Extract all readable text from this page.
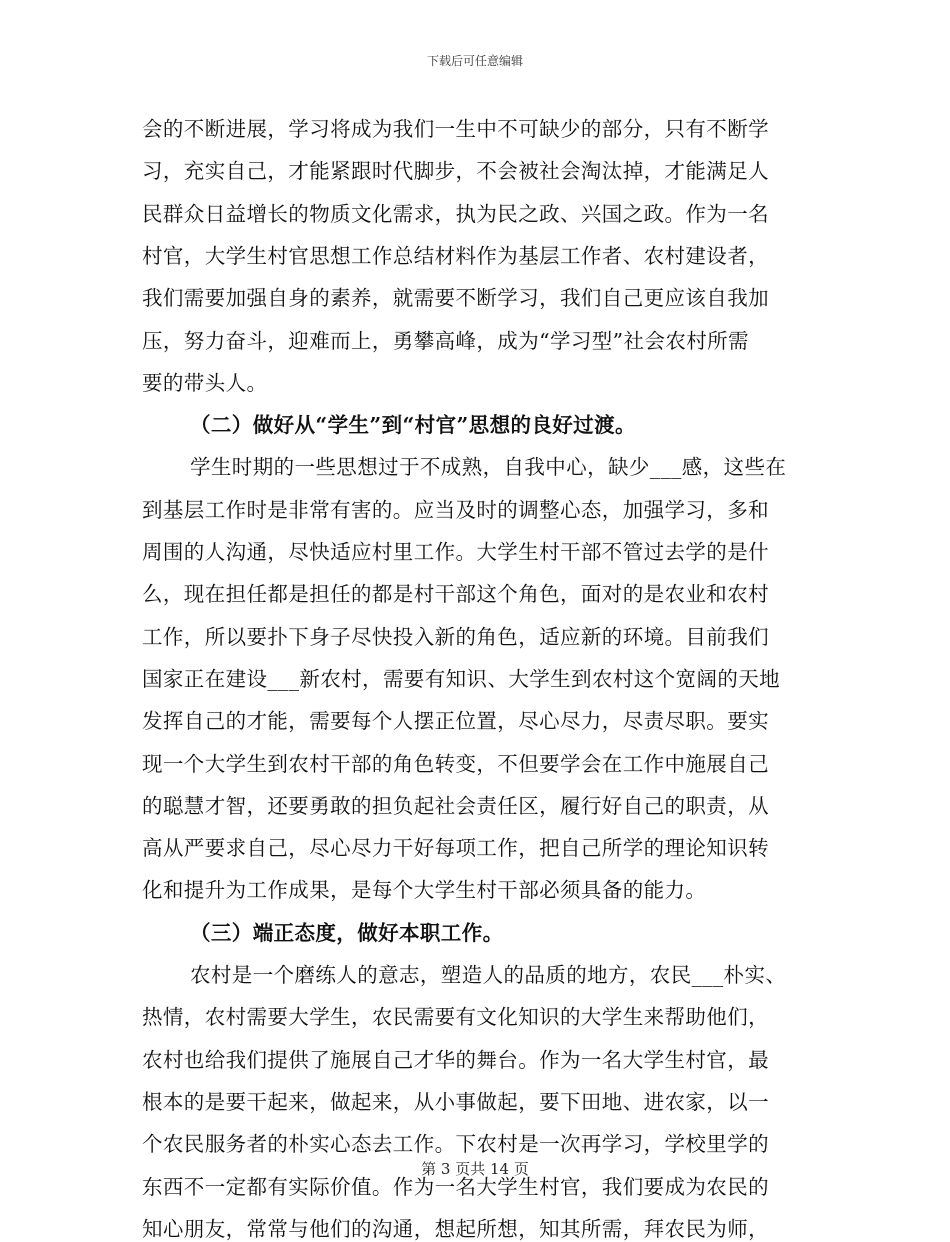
下载后可任意编辑
会的不断进展，学习将成为我们一生中不可缺少的部分，只有不断学
习，充实自己，才能紧跟时代脚步，不会被社会淘汰掉，才能满足人
民群众日益增长的物质文化需求，执为民之政、兴国之政。作为一名
村官，大学生村官思想工作总结材料作为基层工作者、农村建设者，
我们需要加强自身的素养，就需要不断学习，我们自己更应该自我加
压，努力奋斗，迎难而上，勇攀高峰，成为“学习型”社会农村所需
要的带头人。
（二）做好从“学生”到“村官”思想的良好过渡。
学生时期的一些思想过于不成熟，自我中心，缺少___感，这些在
到基层工作时是非常有害的。应当及时的调整心态，加强学习，多和
周围的人沟通，尽快适应村里工作。大学生村干部不管过去学的是什
么，现在担任都是担任的都是村干部这个角色，面对的是农业和农村
工作，所以要扑下身子尽快投入新的角色，适应新的环境。目前我们
国家正在建设___新农村，需要有知识、大学生到农村这个宽阔的天地
发挥自己的才能，需要每个人摆正位置，尽心尽力，尽责尽职。要实
现一个大学生到农村干部的角色转变，不但要学会在工作中施展自己
的聪慧才智，还要勇敢的担负起社会责任区，履行好自己的职责，从
高从严要求自己，尽心尽力干好每项工作，把自己所学的理论知识转
化和提升为工作成果，是每个大学生村干部必须具备的能力。
（三）端正态度，做好本职工作。
农村是一个磨练人的意志，塑造人的品质的地方，农民___朴实、
热情，农村需要大学生，农民需要有文化知识的大学生来帮助他们，
农村也给我们提供了施展自己才华的舞台。作为一名大学生村官，最
根本的是要干起来，做起来，从小事做起，要下田地、进农家，以一
个农民服务者的朴实心态去工作。下农村是一次再学习，学校里学的
东西不一定都有实际价值。作为一名大学生村官，我们要成为农民的
知心朋友，常常与他们的沟通，想起所想，知其所需，拜农民为师，
第 3 页共 14 页
